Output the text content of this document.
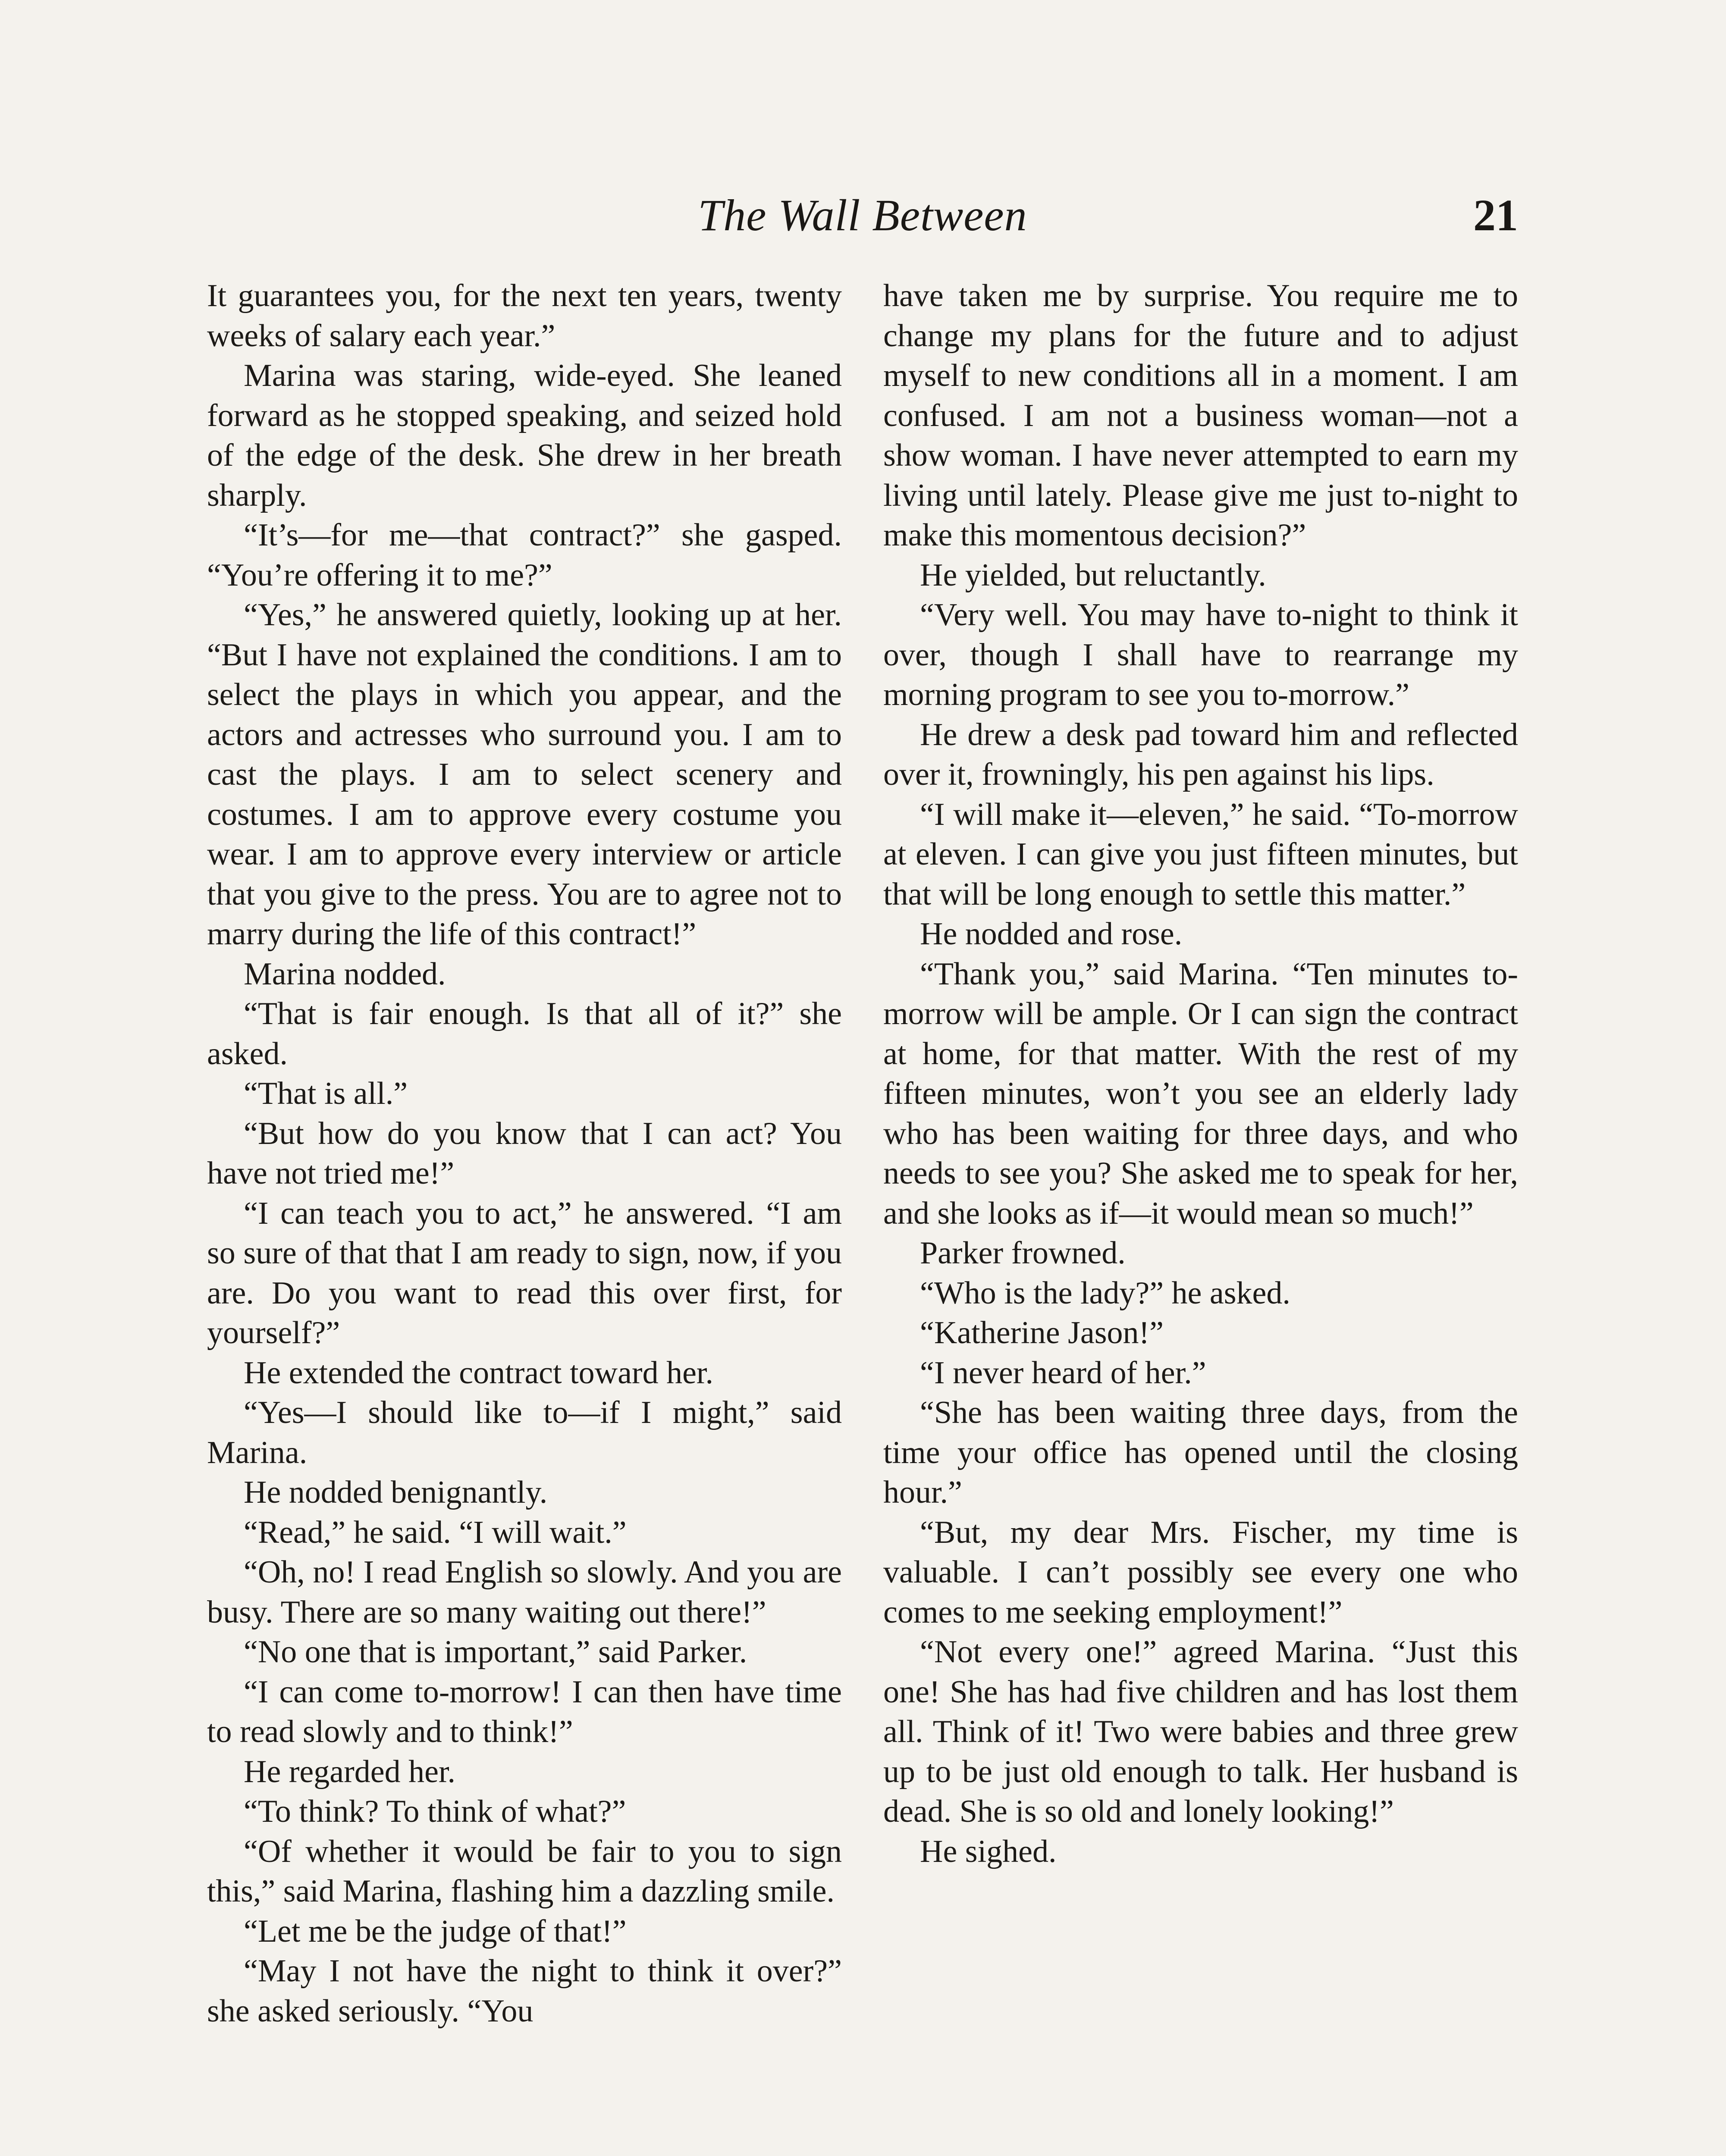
The Wall Between	21

It guarantees you, for the next ten years, twenty weeks of salary each year.”

Marina was staring, wide-eyed. She leaned forward as he stopped speaking, and seized hold of the edge of the desk. She drew in her breath sharply.

“It’s—for me—that contract?” she gasped. “You’re offering it to me?”

“Yes,” he answered quietly, looking up at her. “But I have not explained the conditions. I am to select the plays in which you appear, and the actors and actresses who surround you. I am to cast the plays. I am to select scenery and costumes. I am to approve every costume you wear. I am to approve every interview or article that you give to the press. You are to agree not to marry during the life of this contract!”

Marina nodded.

“That is fair enough. Is that all of it?” she asked.

“That is all.”

“But how do you know that I can act? You have not tried me!”

“I can teach you to act,” he answered. “I am so sure of that that I am ready to sign, now, if you are. Do you want to read this over first, for yourself?”

He extended the contract toward her.

“Yes—I should like to—if I might,” said Marina.

He nodded benignantly.

“Read,” he said. “I will wait.”

“Oh, no! I read English so slowly. And you are busy. There are so many waiting out there!”

“No one that is important,” said Parker.

“I can come to-morrow! I can then have time to read slowly and to think!”

He regarded her.

“To think? To think of what?”

“Of whether it would be fair to you to sign this,” said Marina, flashing him a dazzling smile.

“Let me be the judge of that!”

“May I not have the night to think it over?” she asked seriously. “You

have taken me by surprise. You require me to change my plans for the future and to adjust myself to new conditions all in a moment. I am confused. I am not a business woman—not a show woman. I have never attempted to earn my living until lately. Please give me just to-night to make this momentous decision?”

He yielded, but reluctantly.

“Very well. You may have to-night to think it over, though I shall have to rearrange my morning program to see you to-morrow.”

He drew a desk pad toward him and reflected over it, frowningly, his pen against his lips.

“I will make it—eleven,” he said. “To-morrow at eleven. I can give you just fifteen minutes, but that will be long enough to settle this matter.”

He nodded and rose.

“Thank you,” said Marina. “Ten minutes to-morrow will be ample. Or I can sign the contract at home, for that matter. With the rest of my fifteen minutes, won’t you see an elderly lady who has been waiting for three days, and who needs to see you? She asked me to speak for her, and she looks as if—it would mean so much!”

Parker frowned.

“Who is the lady?” he asked.

“Katherine Jason!”

“I never heard of her.”

“She has been waiting three days, from the time your office has opened until the closing hour.”

“But, my dear Mrs. Fischer, my time is valuable. I can’t possibly see every one who comes to me seeking employment!”

“Not every one!” agreed Marina. “Just this one! She has had five children and has lost them all. Think of it! Two were babies and three grew up to be just old enough to talk. Her husband is dead. She is so old and lonely looking!”

He sighed.
